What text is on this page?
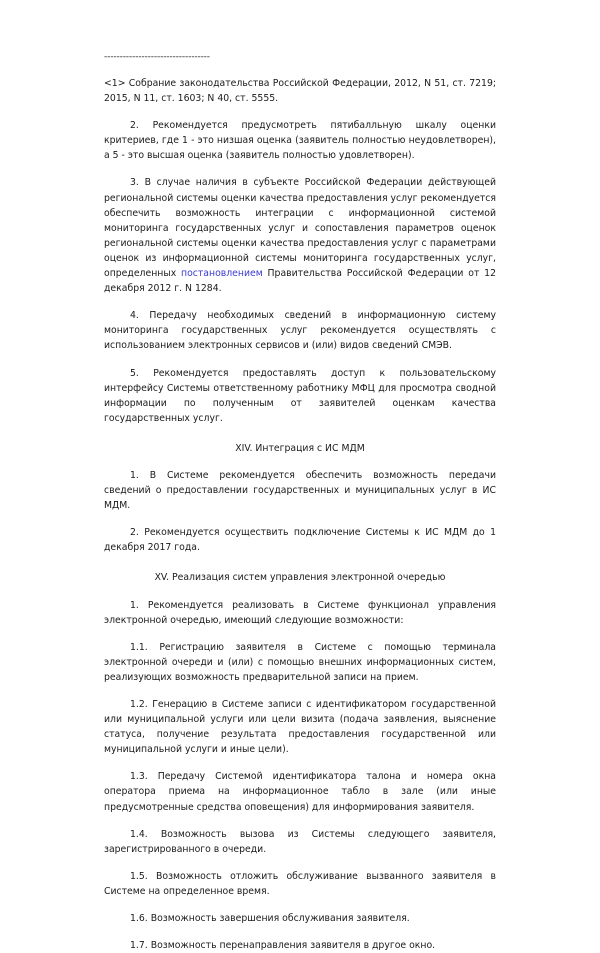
----------------------------------

<1> Собрание законодательства Российской Федерации, 2012, N 51, ст. 7219; 2015, N 11, ст. 1603; N 40, ст. 5555.

2. Рекомендуется предусмотреть пятибалльную шкалу оценки критериев, где 1 - это низшая оценка (заявитель полностью неудовлетворен), а 5 - это высшая оценка (заявитель полностью удовлетворен).

3. В случае наличия в субъекте Российской Федерации действующей региональной системы оценки качества предоставления услуг рекомендуется обеспечить возможность интеграции с информационной системой мониторинга государственных услуг и сопоставления параметров оценок региональной системы оценки качества предоставления услуг с параметрами оценок из информационной системы мониторинга государственных услуг, определенных постановлением Правительства Российской Федерации от 12 декабря 2012 г. N 1284.

4. Передачу необходимых сведений в информационную систему мониторинга государственных услуг рекомендуется осуществлять с использованием электронных сервисов и (или) видов сведений СМЭВ.

5. Рекомендуется предоставлять доступ к пользовательскому интерфейсу Системы ответственному работнику МФЦ для просмотра сводной информации по полученным от заявителей оценкам качества государственных услуг.

XIV. Интеграция с ИС МДМ

1. В Системе рекомендуется обеспечить возможность передачи сведений о предоставлении государственных и муниципальных услуг в ИС МДМ.

2. Рекомендуется осуществить подключение Системы к ИС МДМ до 1 декабря 2017 года.

XV. Реализация систем управления электронной очередью

1. Рекомендуется реализовать в Системе функционал управления электронной очередью, имеющий следующие возможности:

1.1. Регистрацию заявителя в Системе с помощью терминала электронной очереди и (или) с помощью внешних информационных систем, реализующих возможность предварительной записи на прием.

1.2. Генерацию в Системе записи с идентификатором государственной или муниципальной услуги или цели визита (подача заявления, выяснение статуса, получение результата предоставления государственной или муниципальной услуги и иные цели).

1.3. Передачу Системой идентификатора талона и номера окна оператора приема на информационное табло в зале (или иные предусмотренные средства оповещения) для информирования заявителя.

1.4. Возможность вызова из Системы следующего заявителя, зарегистрированного в очереди.

1.5. Возможность отложить обслуживание вызванного заявителя в Системе на определенное время.

1.6. Возможность завершения обслуживания заявителя.

1.7. Возможность перенаправления заявителя в другое окно.
